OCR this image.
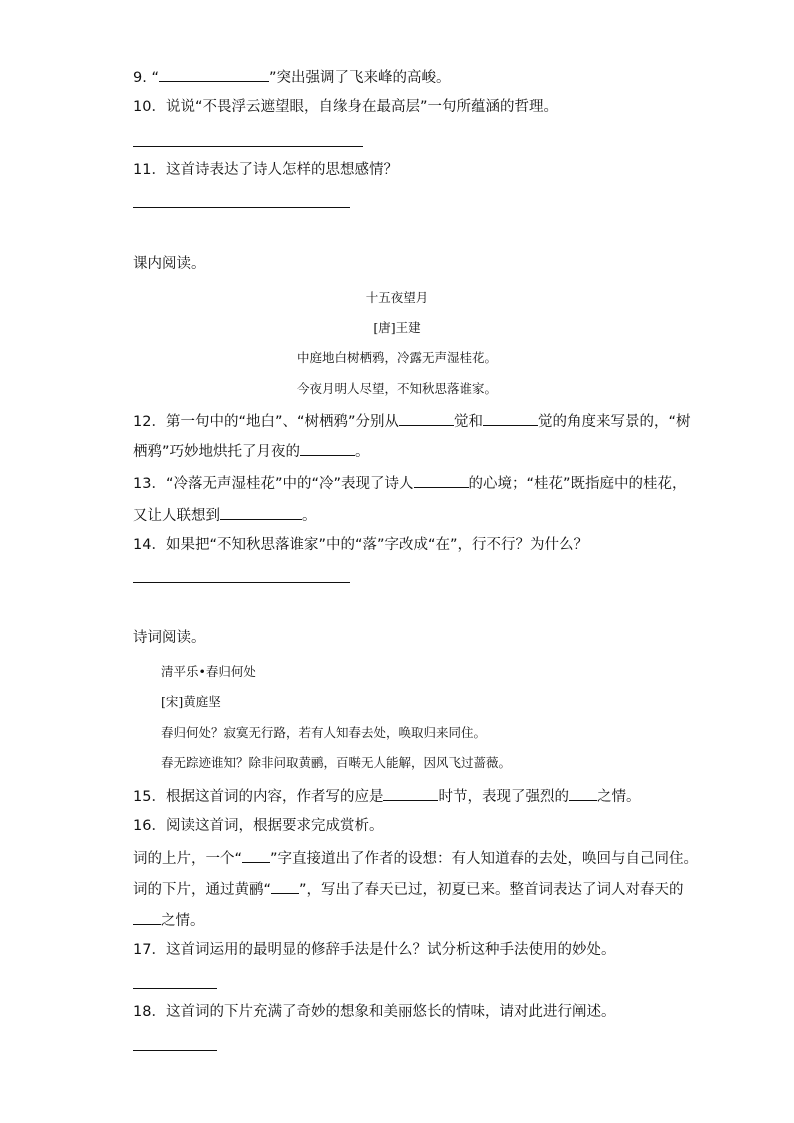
9. “	”突出强调了飞来峰的高峻。
10．说说“不畏浮云遮望眼，自缘身在最高层”一句所蕴涵的哲理。
11．这首诗表达了诗人怎样的思想感情？
课内阅读。
十五夜望月
[唐]王建
中庭地白树栖鸦，冷露无声湿桂花。
今夜月明人尽望，不知秋思落谁家。
12．第一句中的“地白”、“树栖鸦”分别从	觉和	觉的角度来写景的，“树
栖鸦”巧妙地烘托了月夜的	。
13．“冷落无声湿桂花”中的“冷”表现了诗人	的心境；“桂花”既指庭中的桂花，
又让人联想到	。
14．如果把“不知秋思落谁家”中的“落”字改成“在”，行不行？为什么？
诗词阅读。
清平乐•春归何处
[宋]黄庭坚
春归何处？寂寞无行路，若有人知春去处，唤取归来同住。
春无踪迹谁知？除非问取黄鹂，百啭无人能解，因风飞过蔷薇。
15．根据这首词的内容，作者写的应是	时节，表现了强烈的 之情。
16．阅读这首词，根据要求完成赏析。
词的上片，一个“ ”字直接道出了作者的设想：有人知道春的去处，唤回与自己同住。
词的下片，通过黄鹂“ ”，写出了春天已过，初夏已来。整首词表达了词人对春天的
之情。
17．这首词运用的最明显的修辞手法是什么？试分析这种手法使用的妙处。
18．这首词的下片充满了奇妙的想象和美丽悠长的情味，请对此进行阐述。
